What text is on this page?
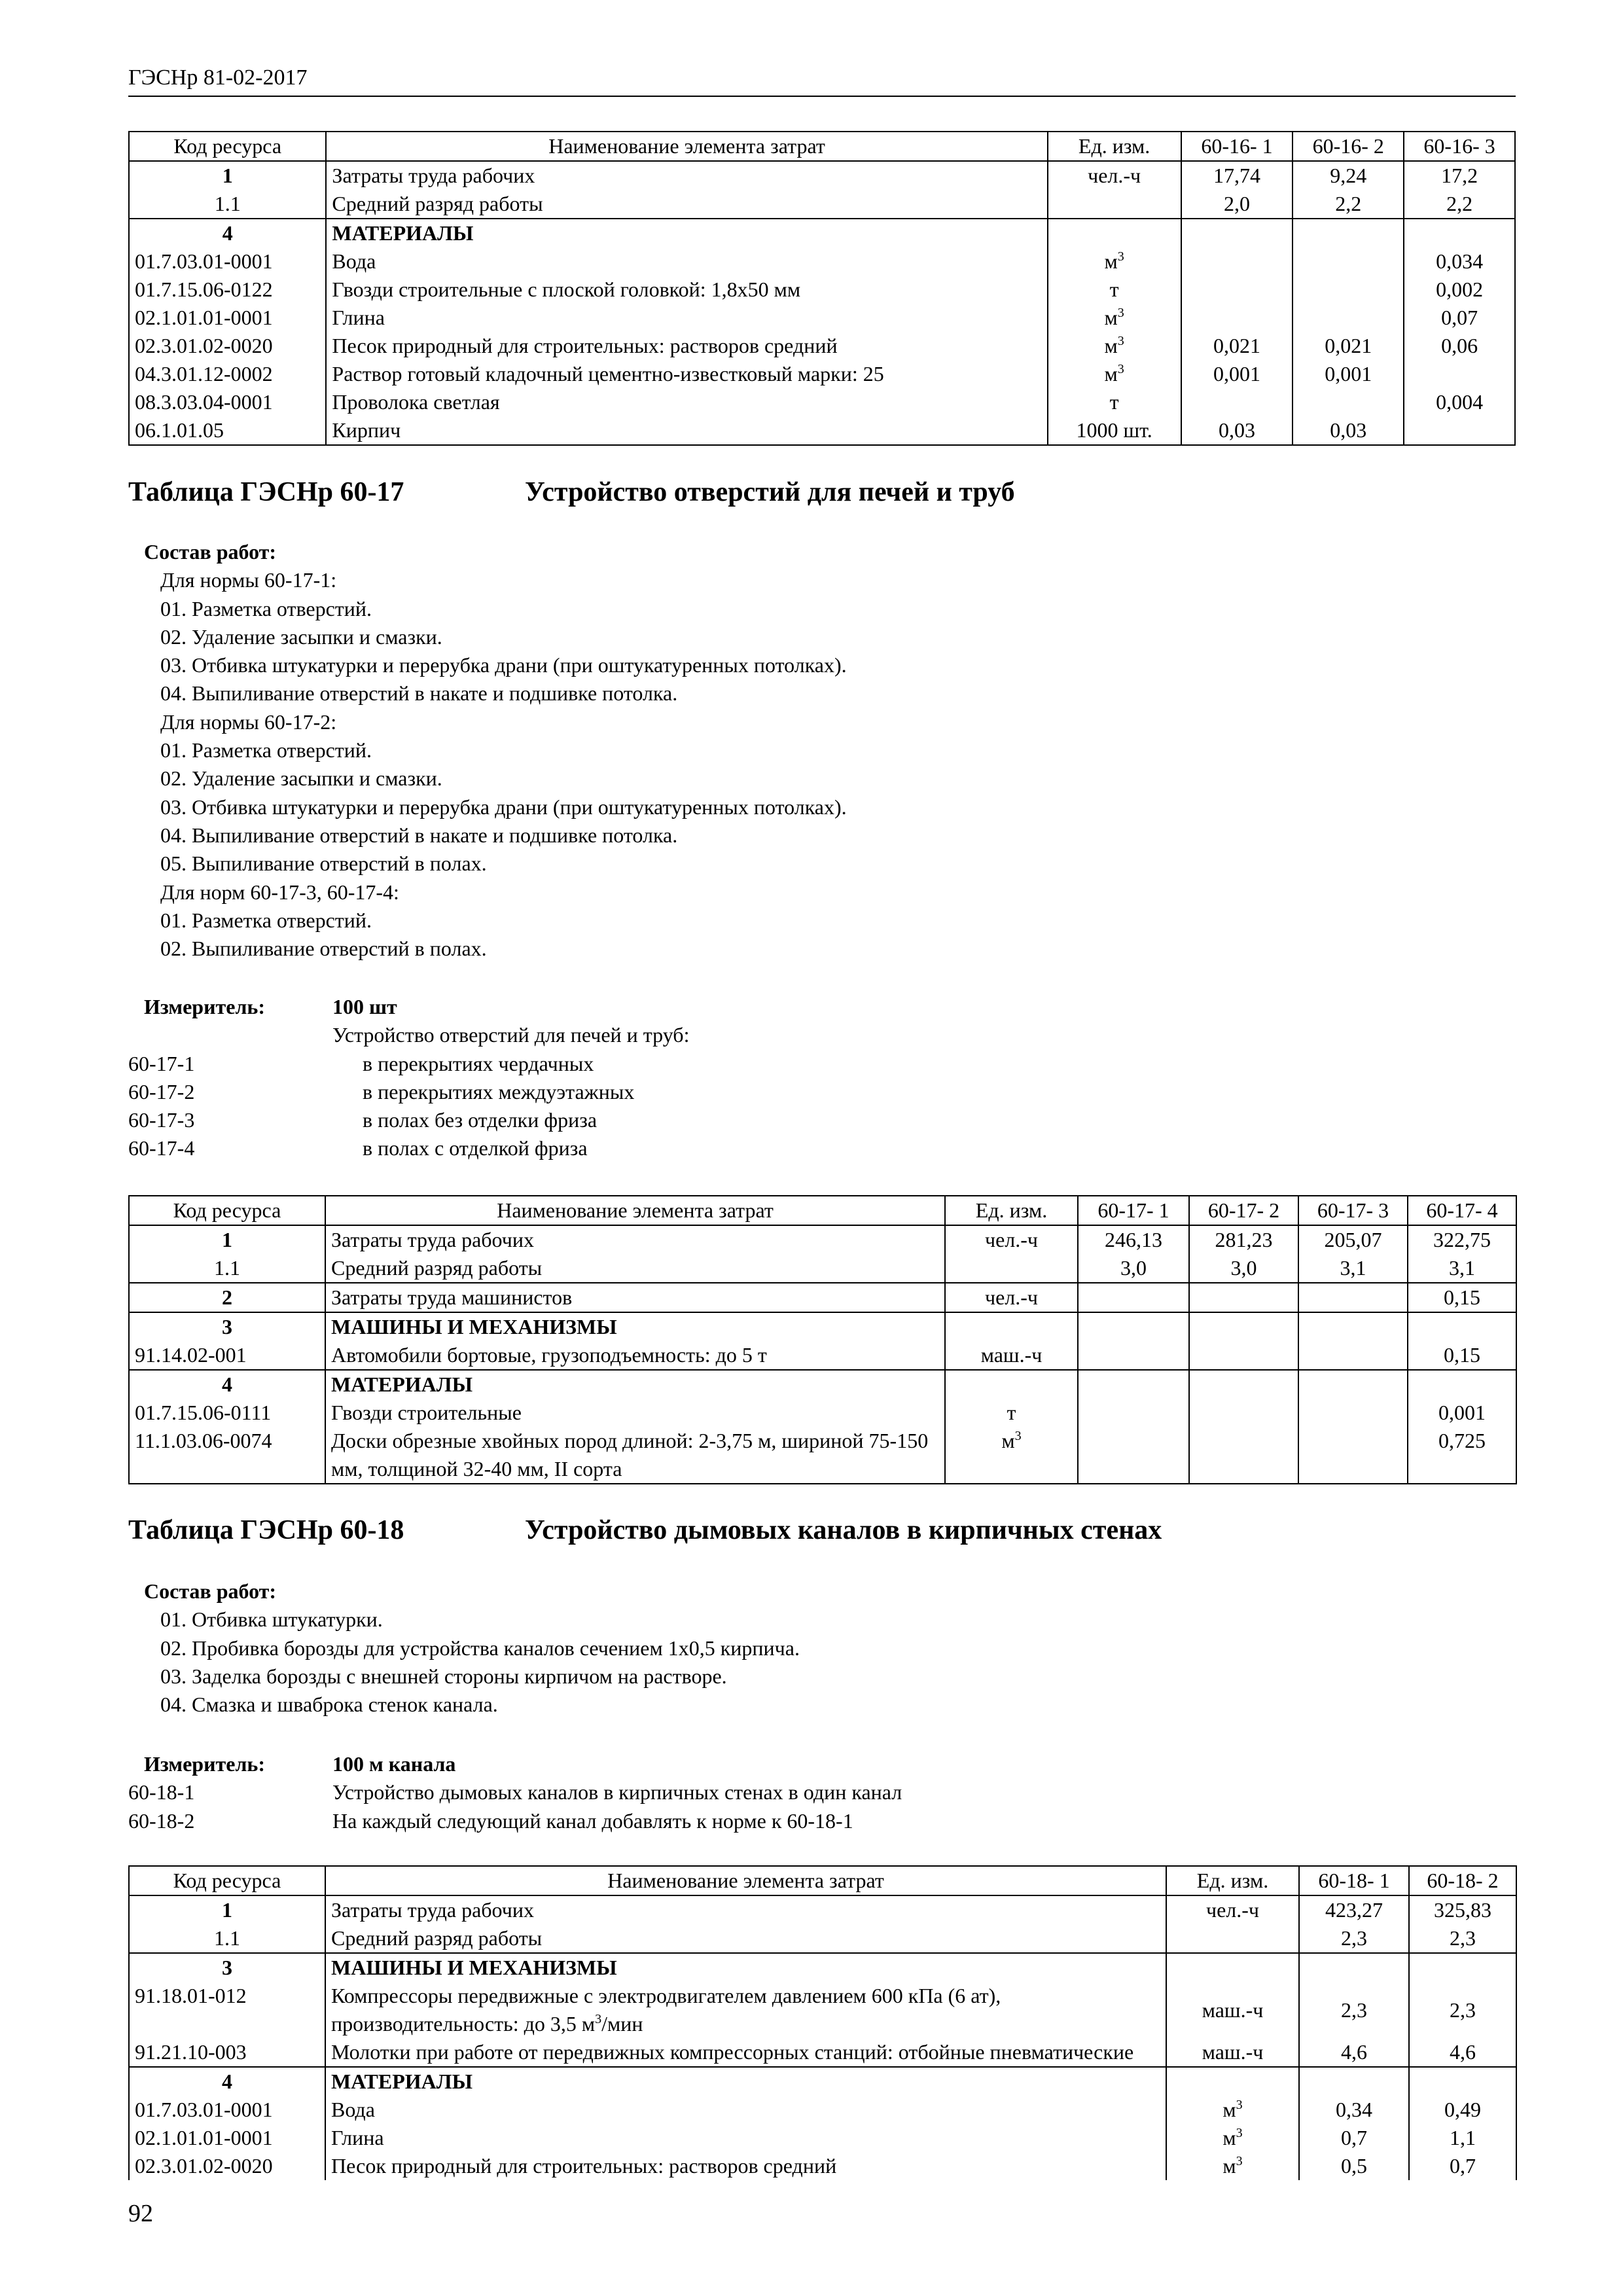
ГЭСНр 81-02-2017
Код ресурса	Наименование элемента затрат	Ед. изм.	60-16- 1	60-16- 2	60-16- 3
1	Затраты труда рабочих	чел.-ч	17,74	9,24	17,2
1.1	Средний разряд работы		2,0	2,2	2,2
4	МАТЕРИАЛЫ				
01.7.03.01-0001	Вода	$м^3$			0,034
01.7.15.06-0122	Гвозди строительные с плоской головкой: 1,8х50 мм	т			0,002
02.1.01.01-0001	Глина	$м^3$			0,07
02.3.01.02-0020	Песок природный для строительных: растворов средний	$м^3$	0,021	0,021	0,06
04.3.01.12-0002	Раствор готовый кладочный цементно-известковый марки: 25	$м^3$	0,001	0,001	
08.3.03.04-0001	Проволока светлая	т			0,004
06.1.01.05	Кирпич	1000 шт.	0,03	0,03	
Таблица ГЭСНр 60-17	Устройство отверстий для печей и труб
Состав работ:
Для нормы 60-17-1:
01. Разметка отверстий.
02. Удаление засыпки и смазки.
03. Отбивка штукатурки и перерубка драни (при оштукатуренных потолках).
04. Выпиливание отверстий в накате и подшивке потолка.
Для нормы 60-17-2:
01. Разметка отверстий.
02. Удаление засыпки и смазки.
03. Отбивка штукатурки и перерубка драни (при оштукатуренных потолках).
04. Выпиливание отверстий в накате и подшивке потолка.
05. Выпиливание отверстий в полах.
Для норм 60-17-3, 60-17-4:
01. Разметка отверстий.
02. Выпиливание отверстий в полах.
Измеритель:	100 шт
Устройство отверстий для печей и труб:
60-17-1	в перекрытиях чердачных
60-17-2	в перекрытиях междуэтажных
60-17-3	в полах без отделки фриза
60-17-4	в полах с отделкой фриза
Код ресурса	Наименование элемента затрат	Ед. изм.	60-17- 1	60-17- 2	60-17- 3	60-17- 4
1	Затраты труда рабочих	чел.-ч	246,13	281,23	205,07	322,75
1.1	Средний разряд работы		3,0	3,0	3,1	3,1
2	Затраты труда машинистов	чел.-ч				0,15
3	МАШИНЫ И МЕХАНИЗМЫ					
91.14.02-001	Автомобили бортовые, грузоподъемность: до 5 т	маш.-ч				0,15
4	МАТЕРИАЛЫ					
01.7.15.06-0111	Гвозди строительные	т				0,001
11.1.03.06-0074	Доски обрезные хвойных пород длиной: 2-3,75 м, шириной 75-150 мм, толщиной 32-40 мм, II сорта	$м^3$				0,725
Таблица ГЭСНр 60-18	Устройство дымовых каналов в кирпичных стенах
Состав работ:
01. Отбивка штукатурки.
02. Пробивка борозды для устройства каналов сечением 1х0,5 кирпича.
03. Заделка борозды с внешней стороны кирпичом на растворе.
04. Смазка и шваброка стенок канала.
Измеритель:	100 м канала
60-18-1	Устройство дымовых каналов в кирпичных стенах в один канал
60-18-2	На каждый следующий канал добавлять к норме к 60-18-1
Код ресурса	Наименование элемента затрат	Ед. изм.	60-18- 1	60-18- 2
1	Затраты труда рабочих	чел.-ч	423,27	325,83
1.1	Средний разряд работы		2,3	2,3
3	МАШИНЫ И МЕХАНИЗМЫ			
91.18.01-012	Компрессоры передвижные с электродвигателем давлением 600 кПа (6 ат), производительность: до 3,5 $м^3$/мин	маш.-ч	2,3	2,3
91.21.10-003	Молотки при работе от передвижных компрессорных станций: отбойные пневматические	маш.-ч	4,6	4,6
4	МАТЕРИАЛЫ			
01.7.03.01-0001	Вода	$м^3$	0,34	0,49
02.1.01.01-0001	Глина	$м^3$	0,7	1,1
02.3.01.02-0020	Песок природный для строительных: растворов средний	$м^3$	0,5	0,7
92
